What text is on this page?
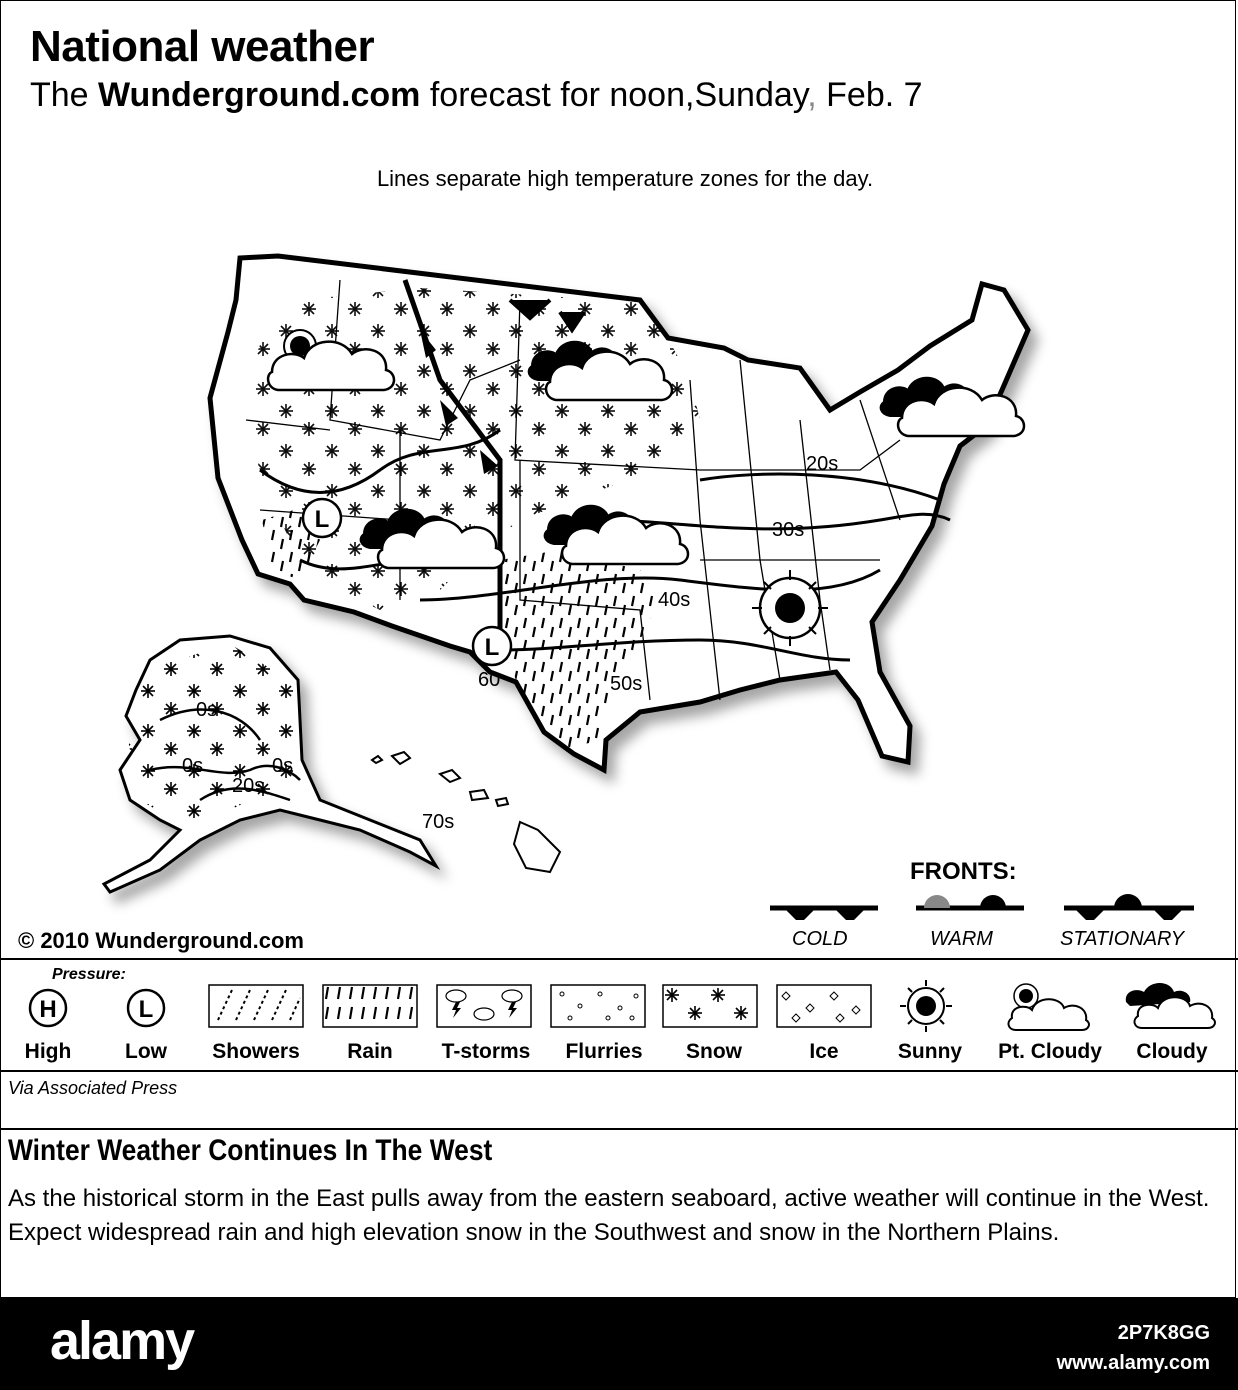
National weather
The Wunderground.com forecast for noon,Sunday, Feb. 7
Lines separate high temperature zones for the day.
L
L
20s
30s
40s
50s
60
0s
0s	0s
20s
70s
© 2010 Wunderground.com
FRONTS:
COLD	WARM	STATIONARY
Pressure:
H	L
High	Low	Showers	Rain	T-storms	Flurries	Snow	Ice	Sunny	Pt. Cloudy	Cloudy
Via Associated Press
Winter Weather Continues In The West
As the historical storm in the East pulls away from the eastern seaboard, active weather will continue in the West. Expect widespread rain and high elevation snow in the Southwest and snow in the Northern Plains.
alamy	2P7K8GG
www.alamy.com
